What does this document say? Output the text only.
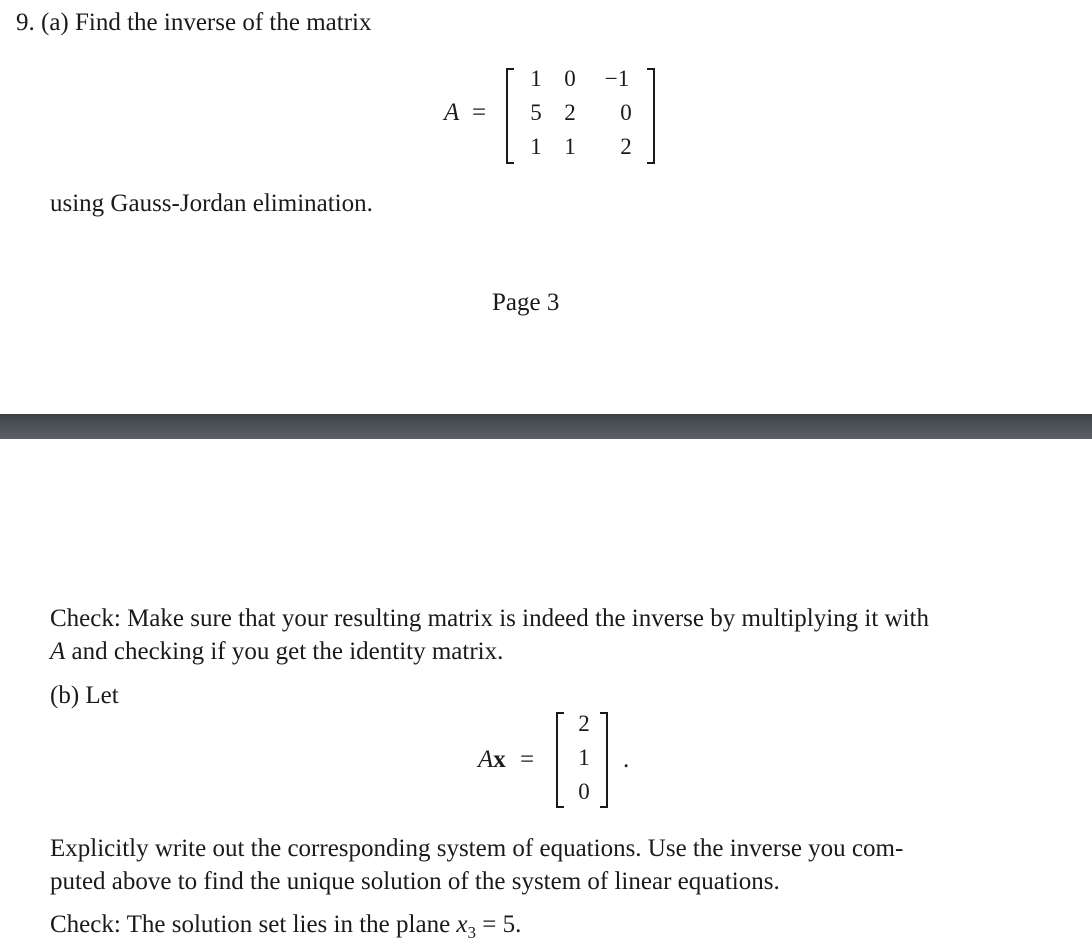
9. (a) Find the inverse of the matrix
A =
1 0 −1
5 2 0
1 1 2
using Gauss-Jordan elimination.
Page 3
Check: Make sure that your resulting matrix is indeed the inverse by multiplying it with
A and checking if you get the identity matrix.
(b) Let
Ax =
2
1
0
.
Explicitly write out the corresponding system of equations. Use the inverse you com-
puted above to find the unique solution of the system of linear equations.
Check: The solution set lies in the plane $x_3 = 5$.
